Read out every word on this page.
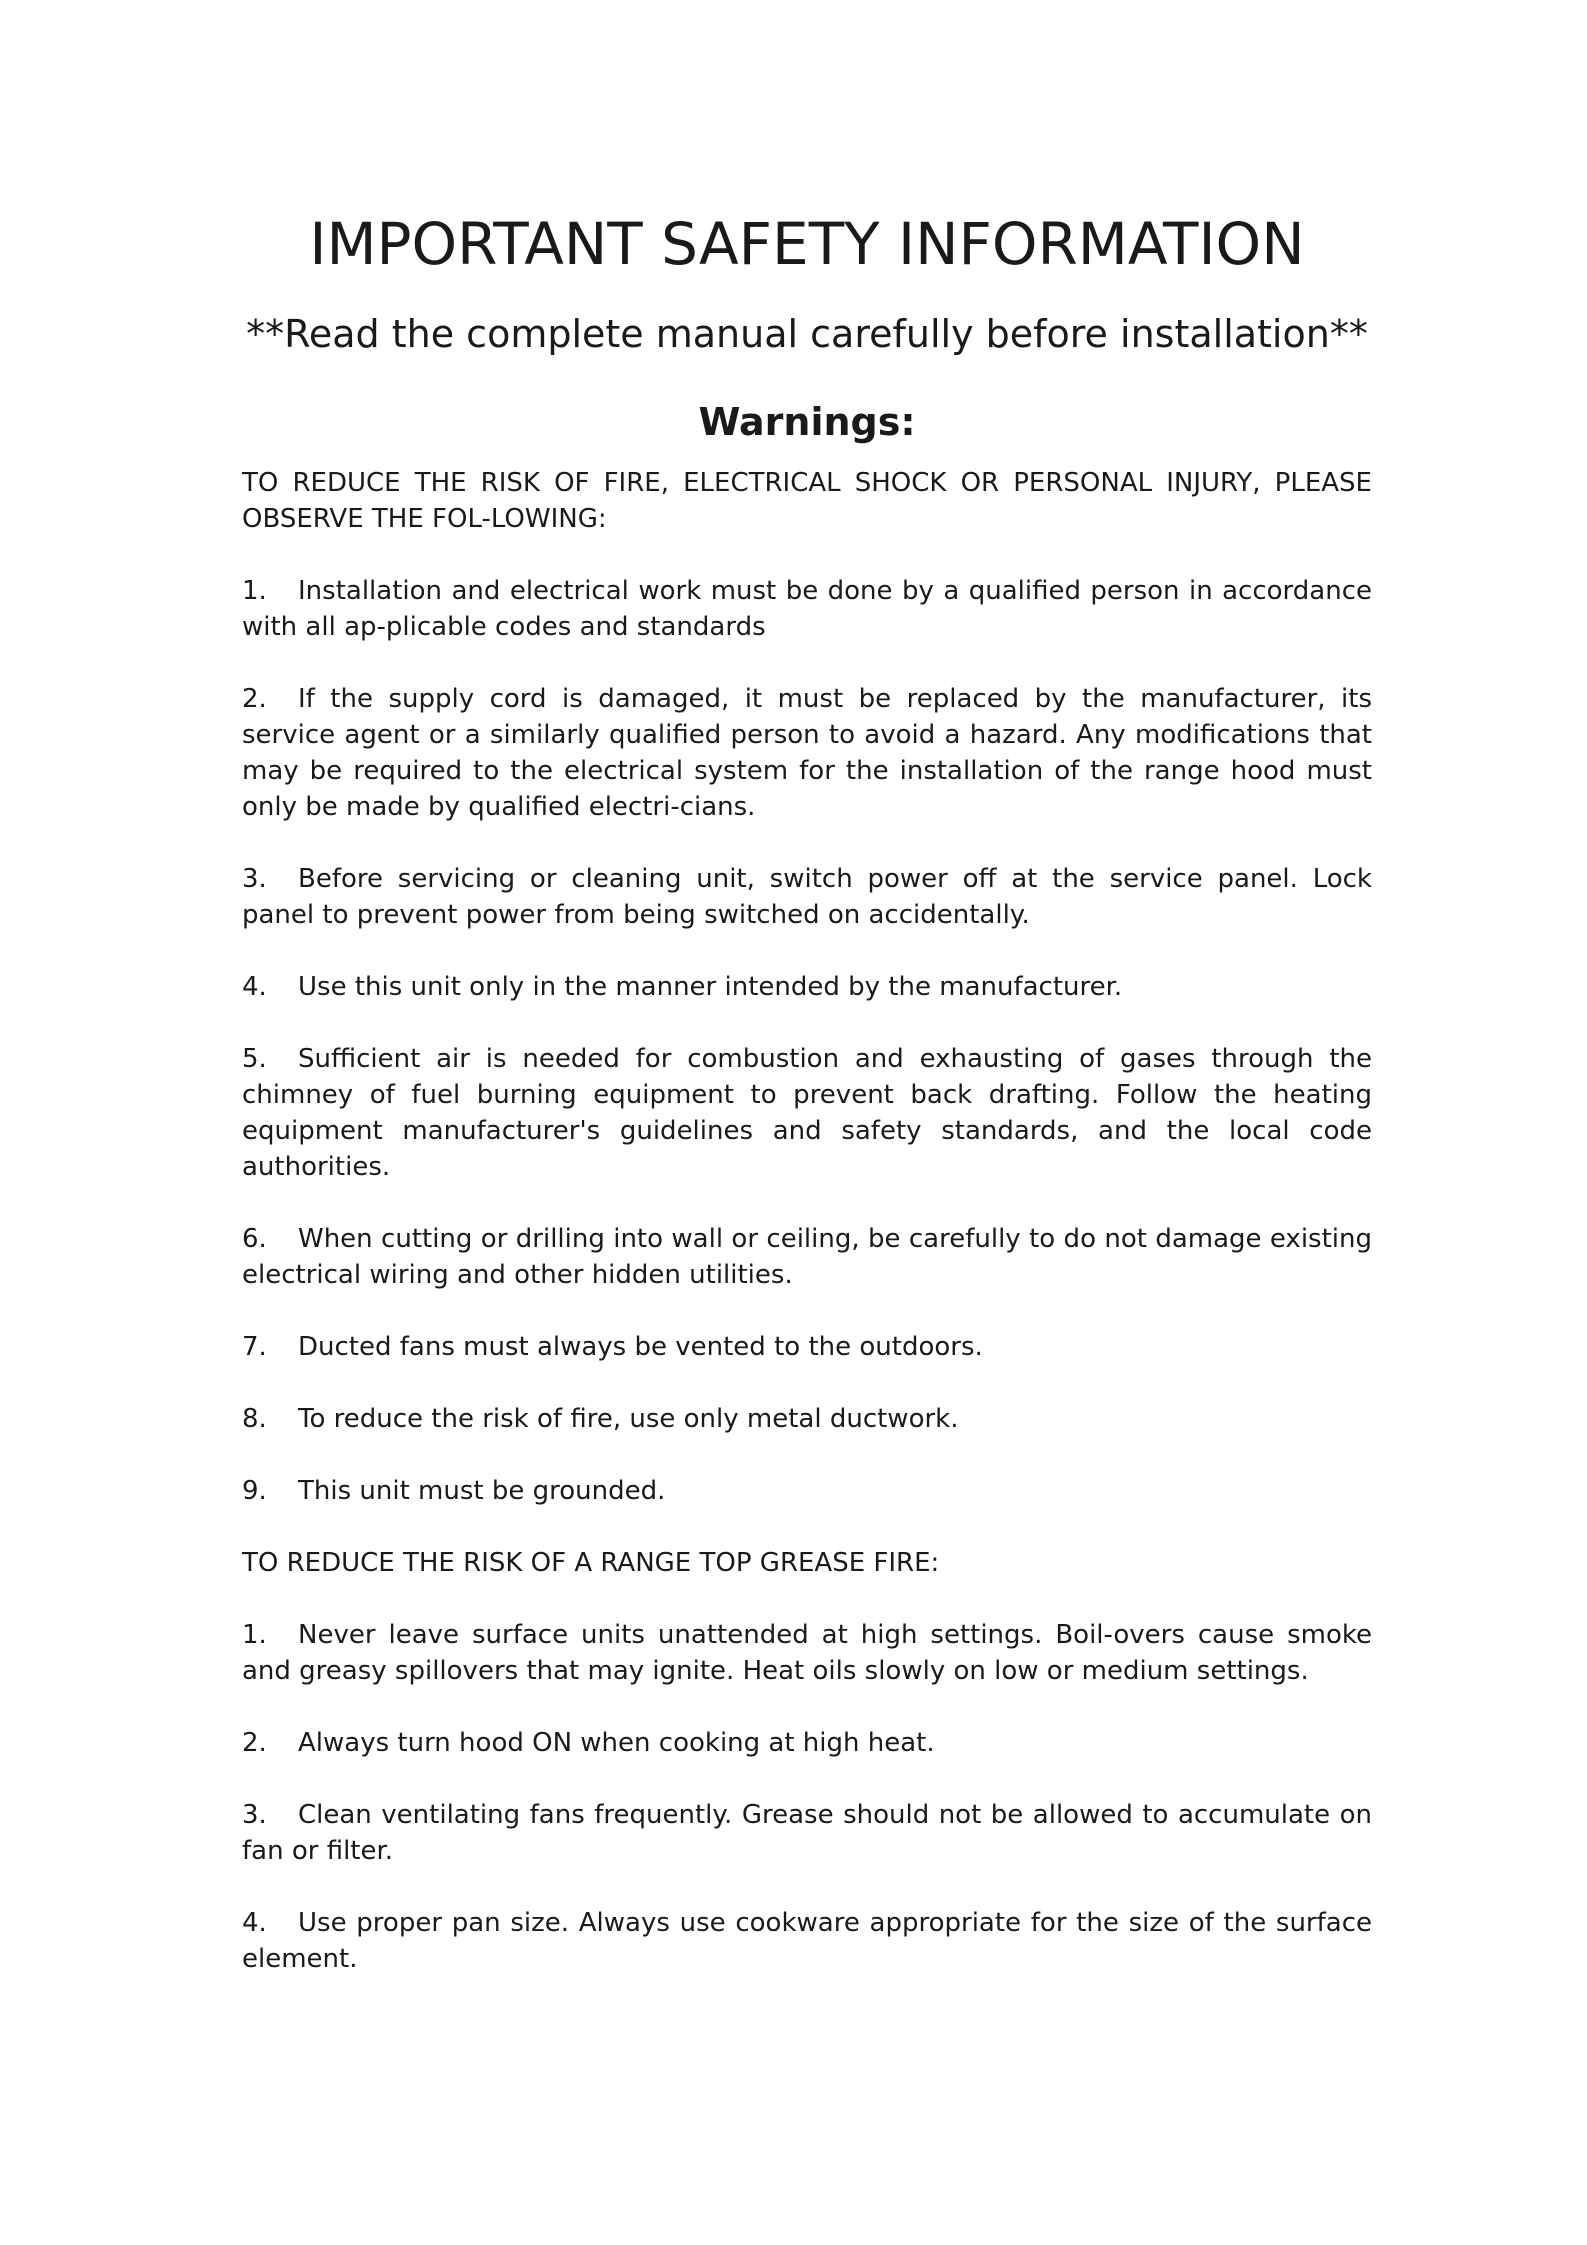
IMPORTANT SAFETY INFORMATION

**Read the complete manual carefully before installation**

Warnings:

TO REDUCE THE RISK OF FIRE, ELECTRICAL SHOCK OR PERSONAL INJURY, PLEASE OBSERVE THE FOL-LOWING:

1. Installation and electrical work must be done by a qualified person in accordance with all ap-plicable codes and standards

2. If the supply cord is damaged, it must be replaced by the manufacturer, its service agent or a similarly qualified person to avoid a hazard. Any modifications that may be required to the electrical system for the installation of the range hood must only be made by qualified electri-cians.

3. Before servicing or cleaning unit, switch power off at the service panel. Lock panel to prevent power from being switched on accidentally.

4. Use this unit only in the manner intended by the manufacturer.

5. Sufficient air is needed for combustion and exhausting of gases through the chimney of fuel burning equipment to prevent back drafting. Follow the heating equipment manufacturer's guidelines and safety standards, and the local code authorities.

6. When cutting or drilling into wall or ceiling, be carefully to do not damage existing electrical wiring and other hidden utilities.

7. Ducted fans must always be vented to the outdoors.

8. To reduce the risk of fire, use only metal ductwork.

9. This unit must be grounded.

TO REDUCE THE RISK OF A RANGE TOP GREASE FIRE:

1. Never leave surface units unattended at high settings. Boil-overs cause smoke and greasy spillovers that may ignite. Heat oils slowly on low or medium settings.

2. Always turn hood ON when cooking at high heat.

3. Clean ventilating fans frequently. Grease should not be allowed to accumulate on fan or filter.

4. Use proper pan size. Always use cookware appropriate for the size of the surface element.
